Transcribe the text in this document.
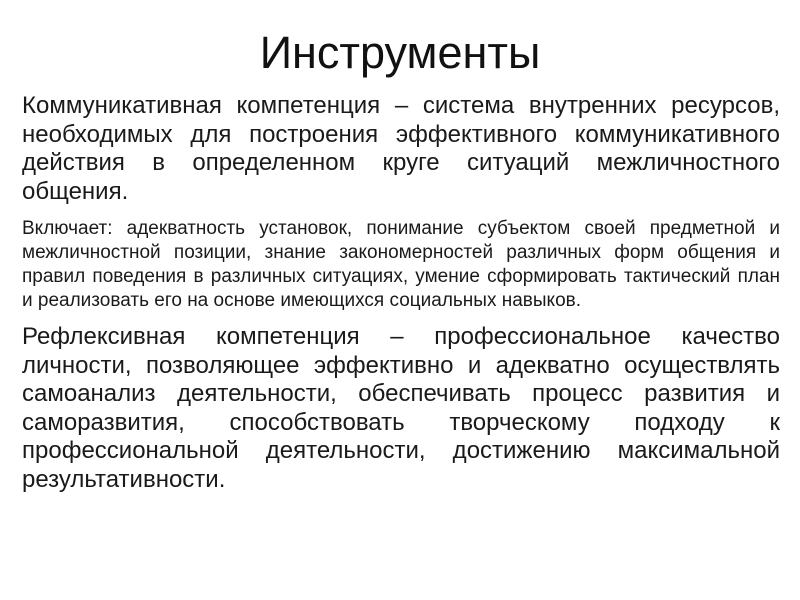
Инструменты

Коммуникативная компетенция – система внутренних ресурсов, необходимых для построения эффективного коммуникативного действия в определенном круге ситуаций межличностного общения.

Включает: адекватность установок, понимание субъектом своей предметной и межличностной позиции, знание закономерностей различных форм общения и правил поведения в различных ситуациях, умение сформировать тактический план и реализовать его на основе имеющихся социальных навыков.

Рефлексивная компетенция – профессиональное качество личности, позволяющее эффективно и адекватно осуществлять самоанализ деятельности, обеспечивать процесс развития и саморазвития, способствовать творческому подходу к профессиональной деятельности, достижению максимальной результативности.
